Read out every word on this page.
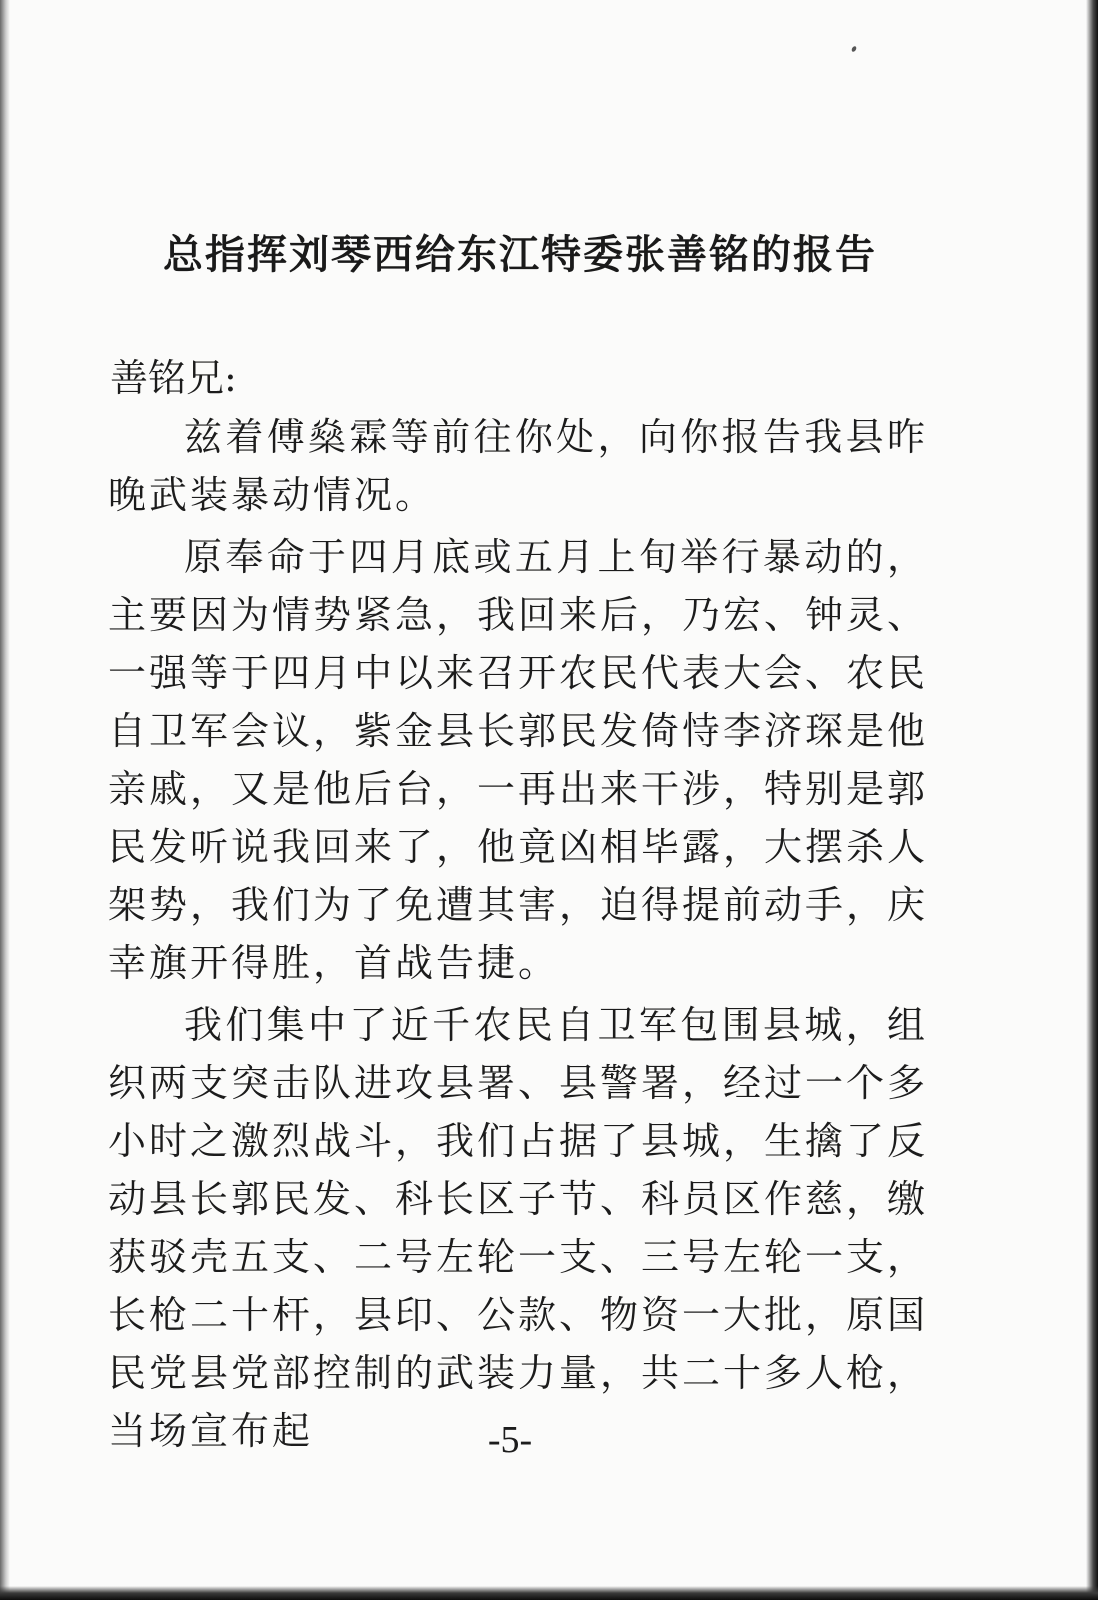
总指挥刘琴西给东江特委张善铭的报告

善铭兄:

兹着傅燊霖等前往你处，向你报告我县昨晚武装暴动情况。

原奉命于四月底或五月上旬举行暴动的，主要因为情势紧急，我回来后，乃宏、钟灵、一强等于四月中以来召开农民代表大会、农民自卫军会议，紫金县长郭民发倚恃李济琛是他亲戚，又是他后台，一再出来干涉，特别是郭民发听说我回来了，他竟凶相毕露，大摆杀人架势，我们为了免遭其害，迫得提前动手，庆幸旗开得胜，首战告捷。

我们集中了近千农民自卫军包围县城，组织两支突击队进攻县署、县警署，经过一个多小时之激烈战斗，我们占据了县城，生擒了反动县长郭民发、科长区子节、科员区作慈，缴获驳壳五支、二号左轮一支、三号左轮一支，长枪二十杆，县印、公款、物资一大批，原国民党县党部控制的武装力量，共二十多人枪，当场宣布起	-5-
